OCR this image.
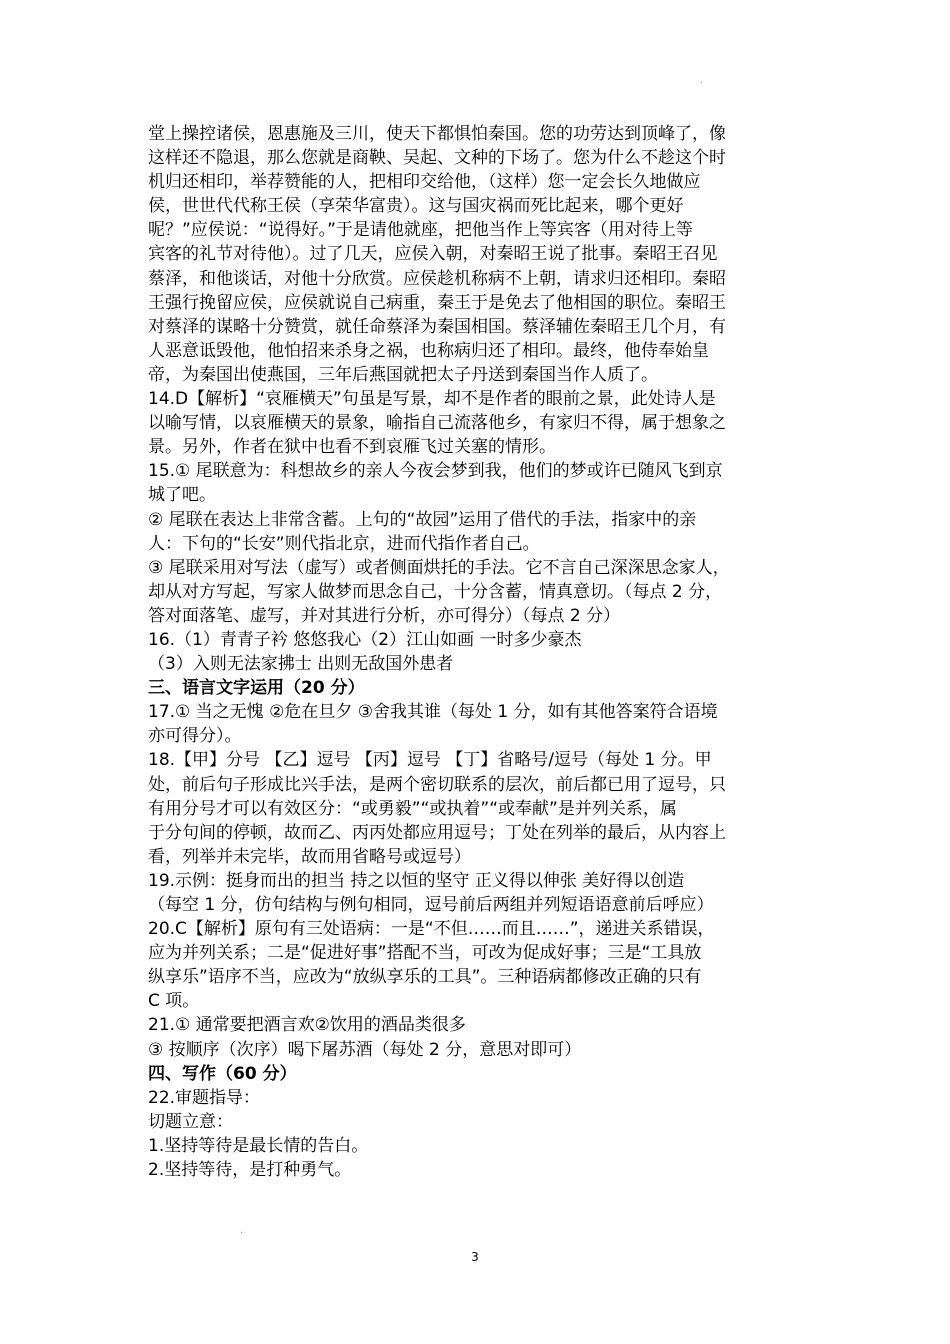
·
堂上操控诸侯，恩惠施及三川，使天下都惧怕秦国。您的功劳达到顶峰了，像
这样还不隐退，那么您就是商鞅、吴起、文种的下场了。您为什么不趁这个时
机归还相印，举荐赞能的人，把相印交给他，（这样）您一定会长久地做应
侯，世世代代称王侯（享荣华富贵）。这与国灾祸而死比起来，哪个更好
呢？”应侯说：“说得好。”于是请他就座，把他当作上等宾客（用对待上等
宾客的礼节对待他）。过了几天，应侯入朝，对秦昭王说了批事。秦昭王召见
蔡泽，和他谈话，对他十分欣赏。应侯趁机称病不上朝，请求归还相印。秦昭
王强行挽留应侯，应侯就说自己病重，秦王于是免去了他相国的职位。秦昭王
对蔡泽的谋略十分赞赏，就任命蔡泽为秦国相国。蔡泽辅佐秦昭王几个月，有
人恶意诋毁他，他怕招来杀身之祸，也称病归还了相印。最终，他侍奉始皇
帝，为秦国出使燕国，三年后燕国就把太子丹送到秦国当作人质了。
14.D【解析】“哀雁横天”句虽是写景，却不是作者的眼前之景，此处诗人是
以喻写情，以哀雁横天的景象，喻指自己流落他乡，有家归不得，属于想象之
景。另外，作者在狱中也看不到哀雁飞过关塞的情形。
15.① 尾联意为：科想故乡的亲人今夜会梦到我，他们的梦或许已随风飞到京
城了吧。
② 尾联在表达上非常含蓄。上句的“故园”运用了借代的手法，指家中的亲
人：下句的“长安”则代指北京，进而代指作者自己。
③ 尾联采用对写法（虚写）或者侧面烘托的手法。它不言自己深深思念家人，
却从对方写起，写家人做梦而思念自己，十分含蓄，情真意切。（每点 2 分，
答对面落笔、虚写，并对其进行分析，亦可得分）（每点 2 分）
16.（1）青青子衿 悠悠我心（2）江山如画 一时多少豪杰
（3）入则无法家拂士 出则无敌国外患者
三、语言文字运用（20 分）
17.① 当之无愧 ②危在旦夕 ③舍我其谁（每处 1 分，如有其他答案符合语境
亦可得分）。
18.【甲】分号 【乙】逗号 【丙】逗号 【丁】省略号/逗号（每处 1 分。甲
处，前后句子形成比兴手法，是两个密切联系的层次，前后都已用了逗号，只
有用分号才可以有效区分：“或勇毅”“或执着”“或奉献”是并列关系，属
于分句间的停顿，故而乙、丙丙处都应用逗号；丁处在列举的最后，从内容上
看，列举并未完毕，故而用省略号或逗号）
19.示例：挺身而出的担当 持之以恒的坚守 正义得以伸张 美好得以创造
（每空 1 分，仿句结构与例句相同，逗号前后两组并列短语语意前后呼应）
20.C【解析】原句有三处语病：一是“不但……而且……”，递进关系错误，
应为并列关系；二是“促进好事”搭配不当，可改为促成好事；三是“工具放
纵享乐”语序不当，应改为“放纵享乐的工具”。三种语病都修改正确的只有
C 项。
21.① 通常要把酒言欢②饮用的酒品类很多
③ 按顺序（次序）喝下屠苏酒（每处 2 分，意思对即可）
四、写作（60 分）
22.审题指导：
切题立意：
1.坚持等待是最长情的告白。
2.坚持等待，是打种勇气。
·
3
